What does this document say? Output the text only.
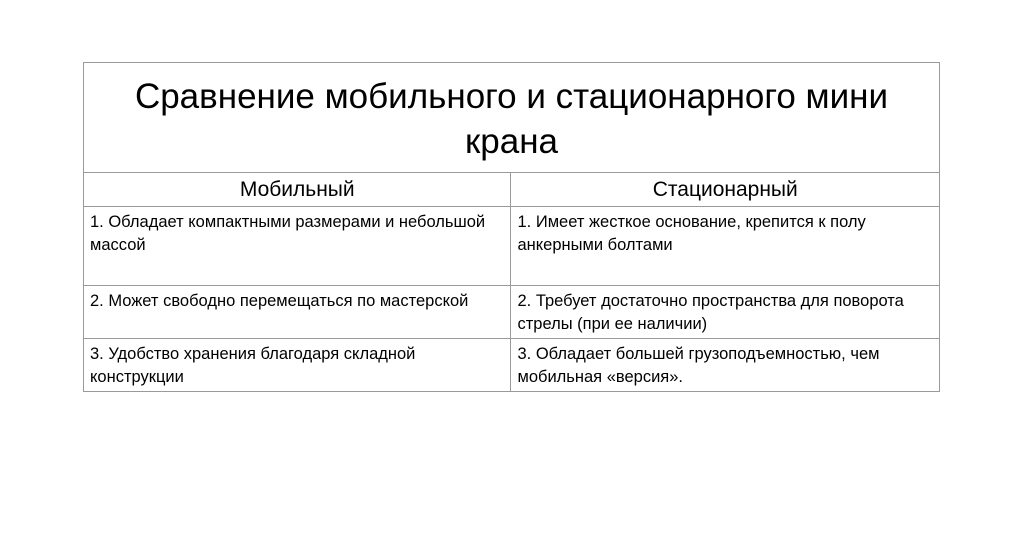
Сравнение мобильного и стационарного мини крана	
Мобильный	Стационарный
1. Обладает компактными размерами и небольшой массой	1. Имеет жесткое основание, крепится к полу анкерными болтами
2. Может свободно перемещаться по мастерской	2. Требует достаточно пространства для поворота стрелы (при ее наличии)
3. Удобство хранения благодаря складной конструкции	3. Обладает большей грузоподъемностью, чем мобильная «версия».
